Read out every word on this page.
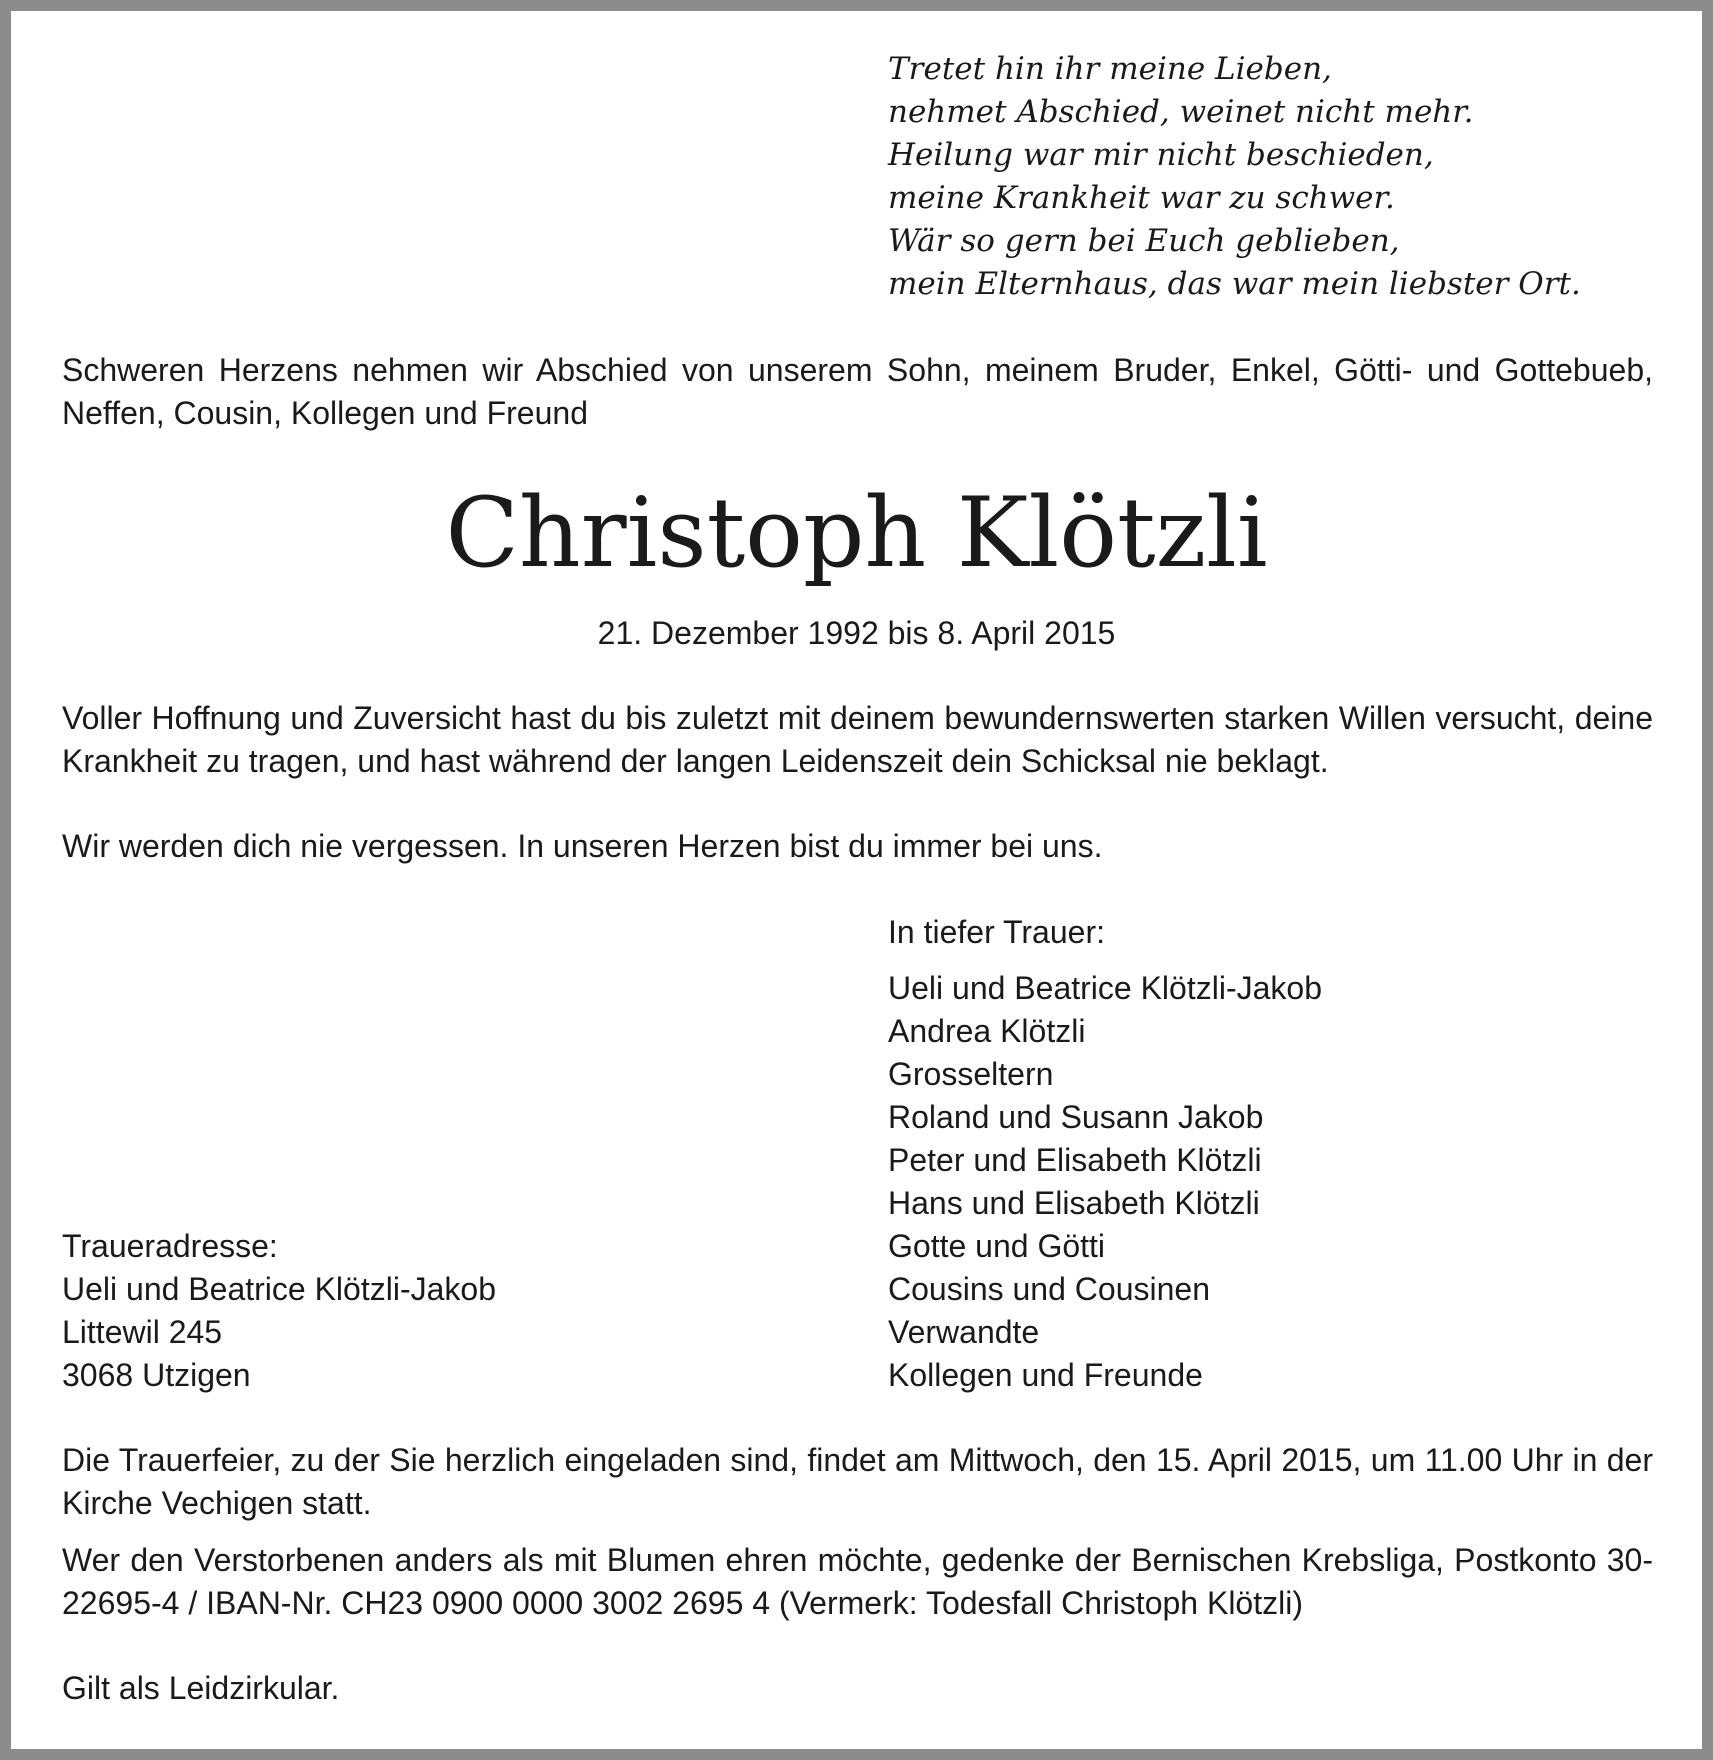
Tretet hin ihr meine Lieben,
nehmet Abschied, weinet nicht mehr.
Heilung war mir nicht beschieden,
meine Krankheit war zu schwer.
Wär so gern bei Euch geblieben,
mein Elternhaus, das war mein liebster Ort.
Schweren Herzens nehmen wir Abschied von unserem Sohn, meinem Bruder, Enkel, Götti- und Gottebueb, Neffen, Cousin, Kollegen und Freund
Christoph Klötzli
21. Dezember 1992 bis 8. April 2015
Voller Hoffnung und Zuversicht hast du bis zuletzt mit deinem bewundernswerten starken Willen versucht, deine Krankheit zu tragen, und hast während der langen Leidenszeit dein Schicksal nie beklagt.
Wir werden dich nie vergessen. In unseren Herzen bist du immer bei uns.
In tiefer Trauer:
Ueli und Beatrice Klötzli-Jakob
Andrea Klötzli
Grosseltern
Roland und Susann Jakob
Peter und Elisabeth Klötzli
Hans und Elisabeth Klötzli
Gotte und Götti
Cousins und Cousinen
Verwandte
Kollegen und Freunde
Traueradresse:
Ueli und Beatrice Klötzli-Jakob
Littewil 245
3068 Utzigen
Die Trauerfeier, zu der Sie herzlich eingeladen sind, findet am Mittwoch, den 15. April 2015, um 11.00 Uhr in der Kirche Vechigen statt.
Wer den Verstorbenen anders als mit Blumen ehren möchte, gedenke der Bernischen Krebsliga, Postkonto 30-22695-4 / IBAN-Nr. CH23 0900 0000 3002 2695 4 (Vermerk: Todesfall Christoph Klötzli)
Gilt als Leidzirkular.
